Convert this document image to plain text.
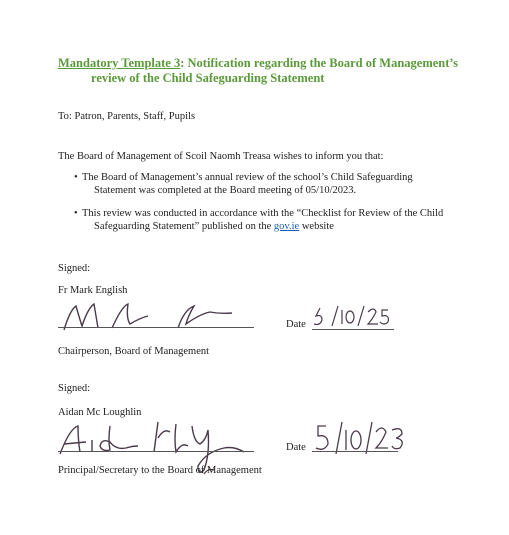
Mandatory Template 3: Notification regarding the Board of Management’s
review of the Child Safeguarding Statement
To: Patron, Parents, Staff, Pupils
The Board of Management of Scoil Naomh Treasa wishes to inform you that:
• The Board of Management’s annual review of the school’s Child Safeguarding
Statement was completed at the Board meeting of 05/10/2023.
• This review was conducted in accordance with the “Checklist for Review of the Child
Safeguarding Statement” published on the gov.ie website
Signed:
Fr Mark English
Date
Chairperson, Board of Management
Signed:
Aidan Mc Loughlin
Date
Principal/Secretary to the Board of Management
